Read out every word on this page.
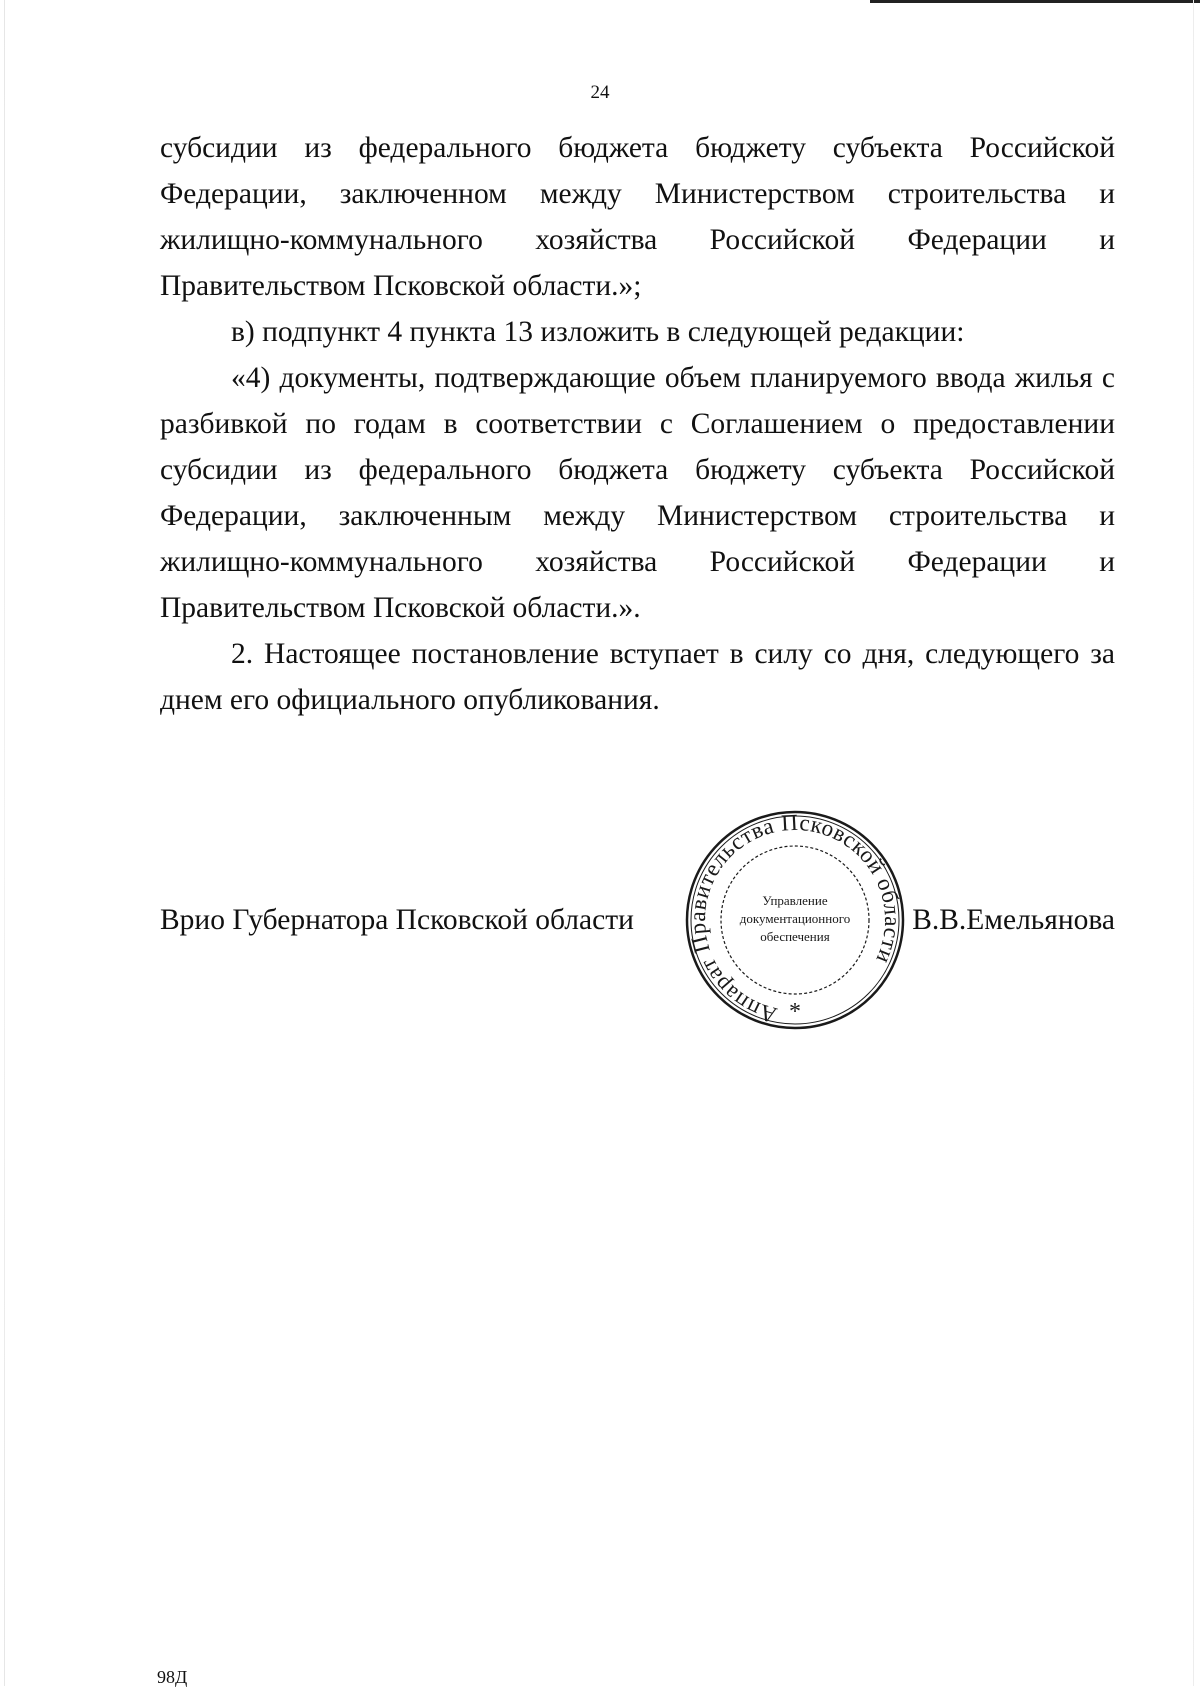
24

субсидии из федерального бюджета бюджету субъекта Российской Федерации, заключенном между Министерством строительства и жилищно-коммунального хозяйства Российской Федерации и Правительством Псковской области.»;

в) подпункт 4 пункта 13 изложить в следующей редакции:

«4) документы, подтверждающие объем планируемого ввода жилья с разбивкой по годам в соответствии с Соглашением о предоставлении субсидии из федерального бюджета бюджету субъекта Российской Федерации, заключенным между Министерством строительства и жилищно-коммунального хозяйства Российской Федерации и Правительством Псковской области.».

2. Настоящее постановление вступает в силу со дня, следующего за днем его официального опубликования.

Врио Губернатора Псковской области	В.В.Емельянова
Аппарат Правительства Псковской области
Управление
документационного
обеспечения
*
98Д
